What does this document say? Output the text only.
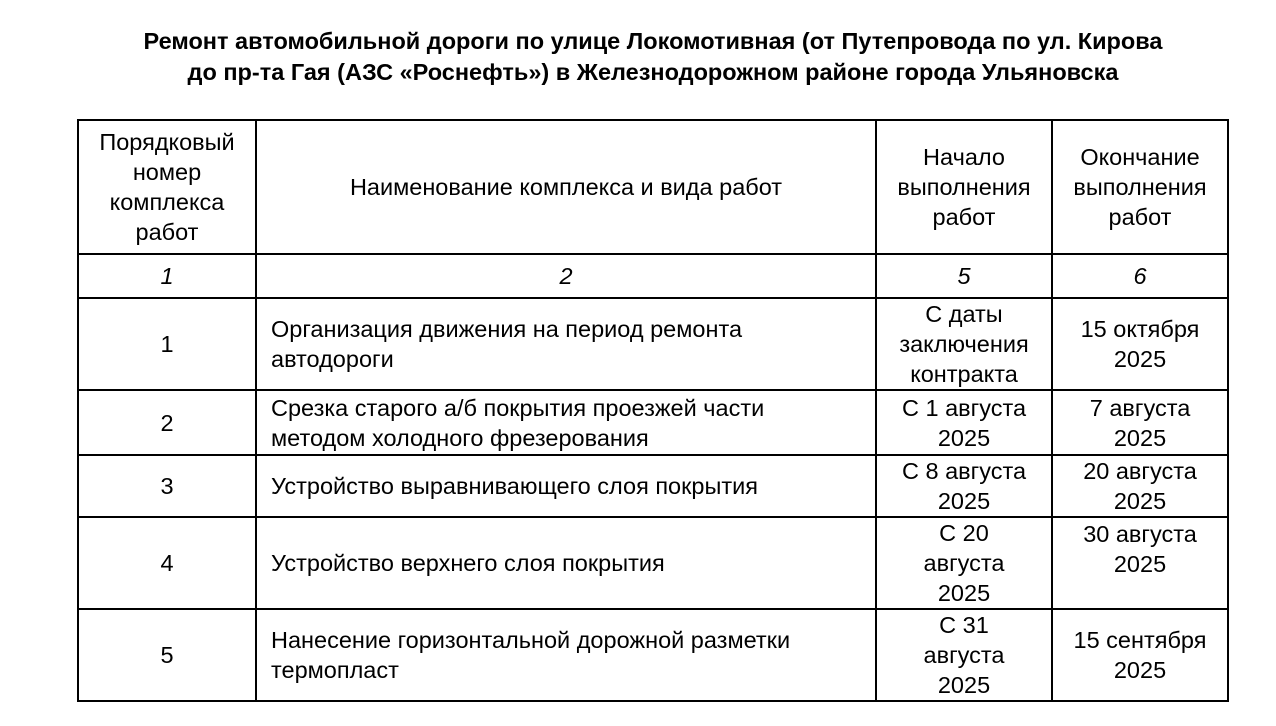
Ремонт автомобильной дороги по улице Локомотивная (от Путепровода по ул. Кирова
до пр-та Гая (АЗС «Роснефть») в Железнодорожном районе города Ульяновска
Порядковый
номер
комплекса
работ	Наименование комплекса и вида работ	Начало
выполнения
работ	Окончание
выполнения
работ

1	2	5	6
1	Организация движения на период ремонта
автодороги	С даты
заключения
контракта	15 октября
2025

2	Срезка старого а/б покрытия проезжей части
методом холодного фрезерования	С 1 августа
2025	7 августа
2025

3	Устройство выравнивающего слоя покрытия	С 8 августа
2025	20 августа
2025

4	Устройство верхнего слоя покрытия	С 20
августа
2025	30 августа
2025

5	Нанесение горизонтальной дорожной разметки
термопласт	С 31
августа
2025	15 сентября
2025
